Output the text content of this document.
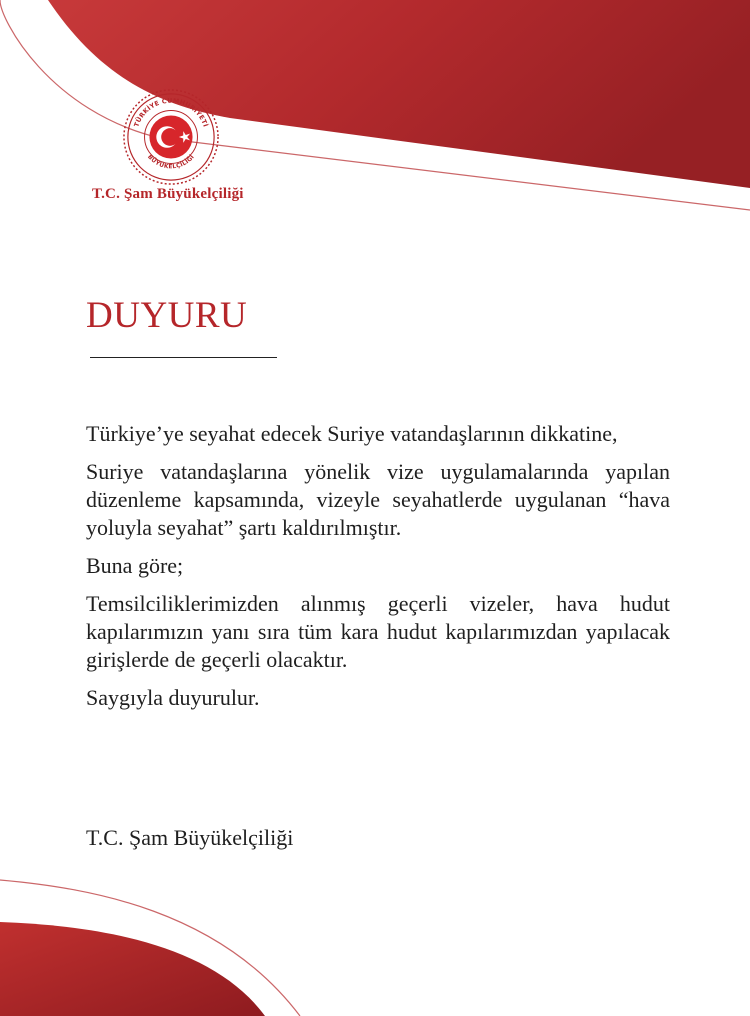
TÜRKİYE CUMHURİYETİ
BÜYÜKELÇİLİĞİ
T.C. Şam Büyükelçiliği
DUYURU

Türkiye’ye seyahat edecek Suriye vatandaşlarının dikkatine,

Suriye vatandaşlarına yönelik vize uygulamalarında yapılan düzenleme kapsamında, vizeyle seyahatlerde uygulanan “hava yoluyla seyahat” şartı kaldırılmıştır.

Buna göre;

Temsilciliklerimizden alınmış geçerli vizeler, hava hudut kapılarımızın yanı sıra tüm kara hudut kapılarımızdan yapılacak girişlerde de geçerli olacaktır.

Saygıyla duyurulur.

T.C. Şam Büyükelçiliği
